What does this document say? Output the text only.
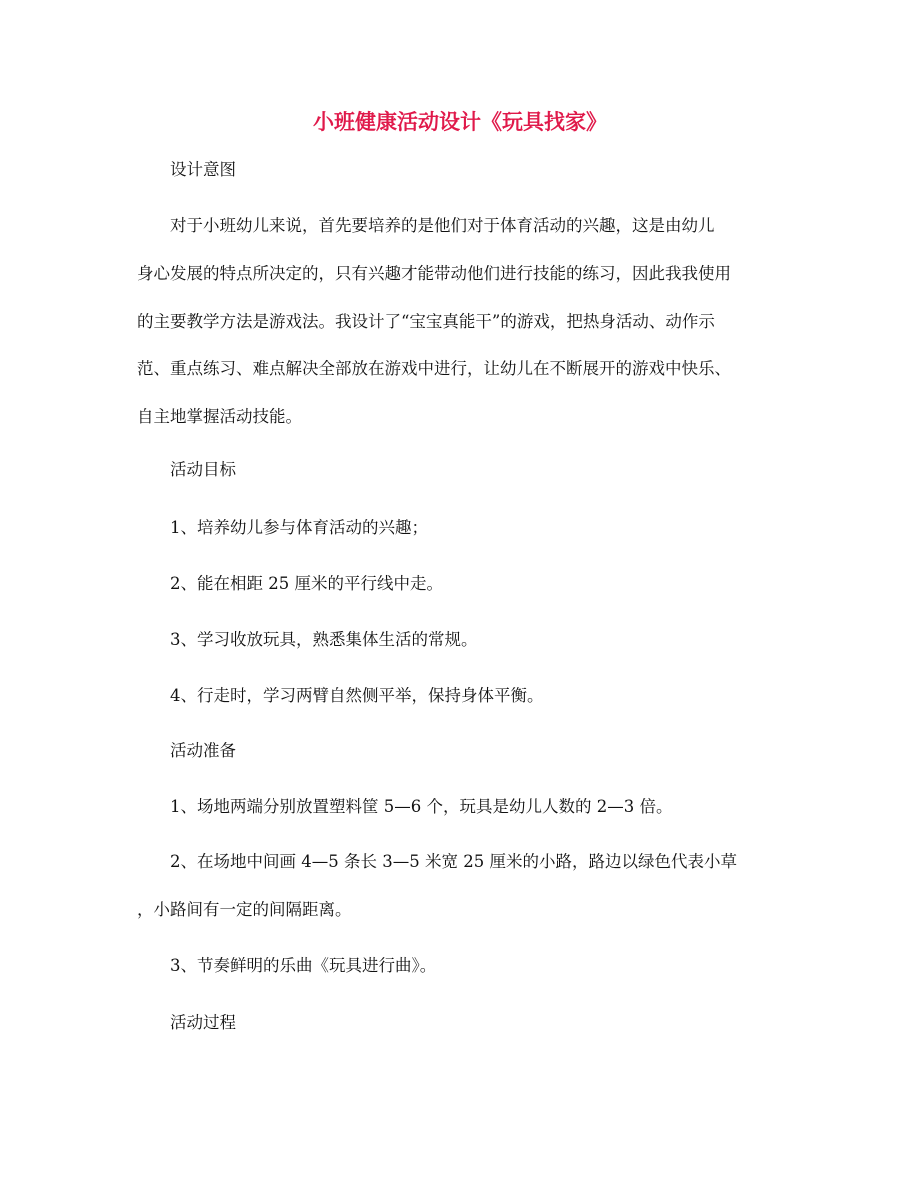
小班健康活动设计《玩具找家》

设计意图

对于小班幼儿来说，首先要培养的是他们对于体育活动的兴趣，这是由幼儿

身心发展的特点所决定的，只有兴趣才能带动他们进行技能的练习，因此我我使用

的主要教学方法是游戏法。我设计了“宝宝真能干”的游戏，把热身活动、动作示

范、重点练习、难点解决全部放在游戏中进行，让幼儿在不断展开的游戏中快乐、

自主地掌握活动技能。

活动目标

1、培养幼儿参与体育活动的兴趣；

2、能在相距 25 厘米的平行线中走。

3、学习收放玩具，熟悉集体生活的常规。

4、行走时，学习两臂自然侧平举，保持身体平衡。

活动准备

1、场地两端分别放置塑料筐 5—6 个，玩具是幼儿人数的 2—3 倍。

2、在场地中间画 4—5 条长 3—5 米宽 25 厘米的小路，路边以绿色代表小草

，小路间有一定的间隔距离。

3、节奏鲜明的乐曲《玩具进行曲》。

活动过程
